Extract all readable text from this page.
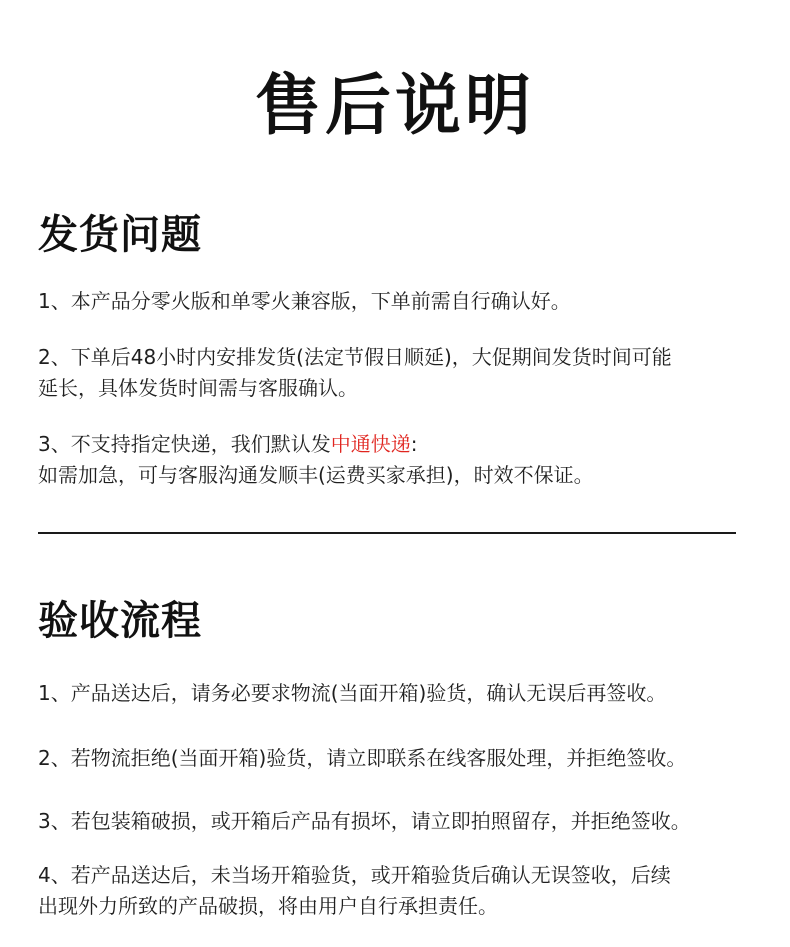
售后说明
发货问题
1、本产品分零火版和单零火兼容版，下单前需自行确认好。
2、下单后48小时内安排发货(法定节假日顺延)，大促期间发货时间可能
延长，具体发货时间需与客服确认。
3、不支持指定快递，我们默认发中通快递:
如需加急，可与客服沟通发顺丰(运费买家承担)，时效不保证。
验收流程
1、产品送达后，请务必要求物流(当面开箱)验货，确认无误后再签收。
2、若物流拒绝(当面开箱)验货，请立即联系在线客服处理，并拒绝签收。
3、若包装箱破损，或开箱后产品有损坏，请立即拍照留存，并拒绝签收。
4、若产品送达后，未当场开箱验货，或开箱验货后确认无误签收，后续
出现外力所致的产品破损，将由用户自行承担责任。
